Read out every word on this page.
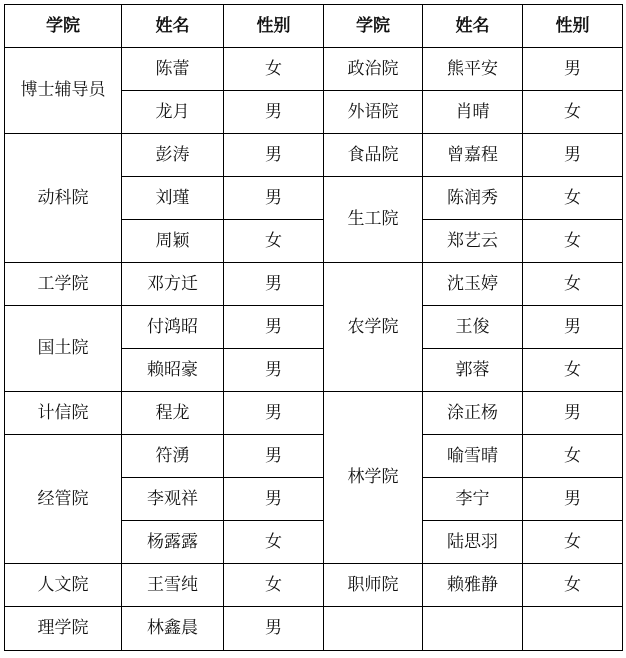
学院	姓名	性别	学院	姓名	性别
博士辅导员	陈蕾	女	政治院	熊平安	男
	龙月	男	外语院	肖晴	女
动科院	彭涛	男	食品院	曾嘉程	男
	刘瑾	男	生工院	陈润秀	女
	周颖	女		郑艺云	女
工学院	邓方迁	男	农学院	沈玉婷	女
国土院	付鸿昭	男		王俊	男
	赖昭豪	男		郭蓉	女
计信院	程龙	男	林学院	涂正杨	男
经管院	符湧	男		喻雪晴	女
	李观祥	男		李宁	男
	杨露露	女		陆思羽	女
人文院	王雪纯	女	职师院	赖雅静	女
理学院	林鑫晨	男			
